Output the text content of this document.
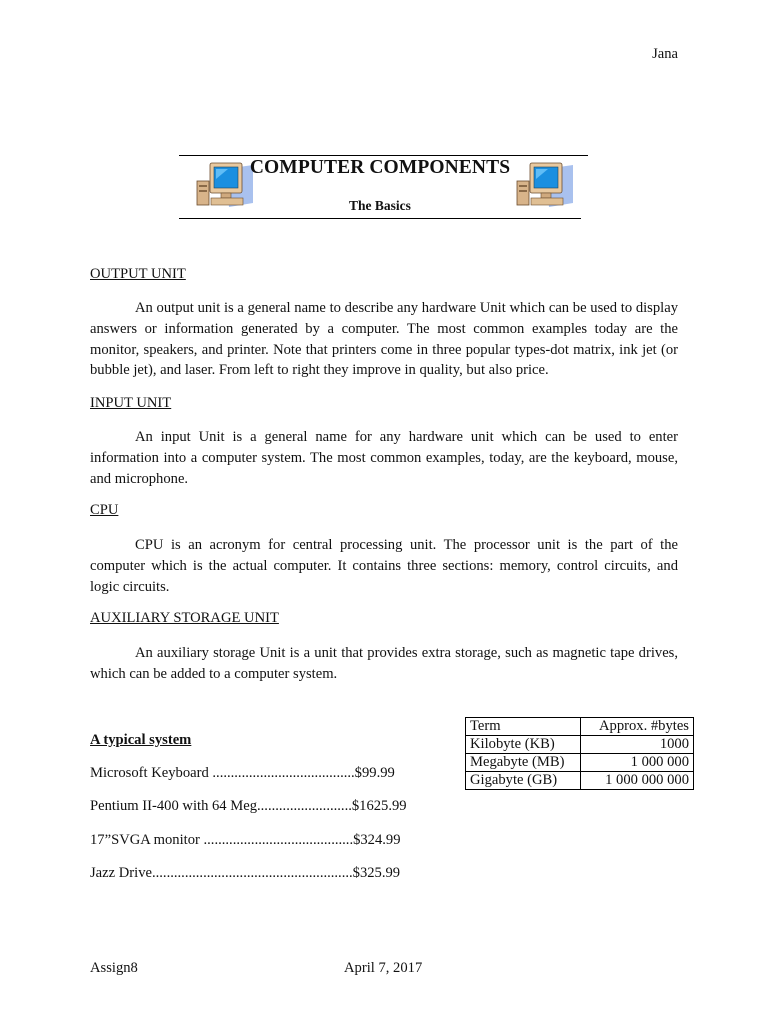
Jana
COMPUTER COMPONENTS
The Basics
OUTPUT UNIT

An output unit is a general name to describe any hardware Unit which can be used to display answers or information generated by a computer. The most common examples today are the monitor, speakers, and printer. Note that printers come in three popular types-dot matrix, ink jet (or bubble jet), and laser. From left to right they improve in quality, but also price.

INPUT UNIT

An input Unit is a general name for any hardware unit which can be used to enter information into a computer system. The most common examples, today, are the keyboard, mouse, and microphone.

CPU

CPU is an acronym for central processing unit. The processor unit is the part of the computer which is the actual computer. It contains three sections: memory, control circuits, and logic circuits.

AUXILIARY STORAGE UNIT

An auxiliary storage Unit is a unit that provides extra storage, such as magnetic tape drives, which can be added to a computer system.

A typical system
Microsoft Keyboard .......................................$99.99
Pentium II-400 with 64 Meg..........................$1625.99
17”SVGA monitor .........................................$324.99
Jazz Drive.......................................................$325.99
Term	Approx. #bytes
Kilobyte (KB)	1000
Megabyte (MB)	1 000 000
Gigabyte (GB)	1 000 000 000
Assign8	April 7, 2017
